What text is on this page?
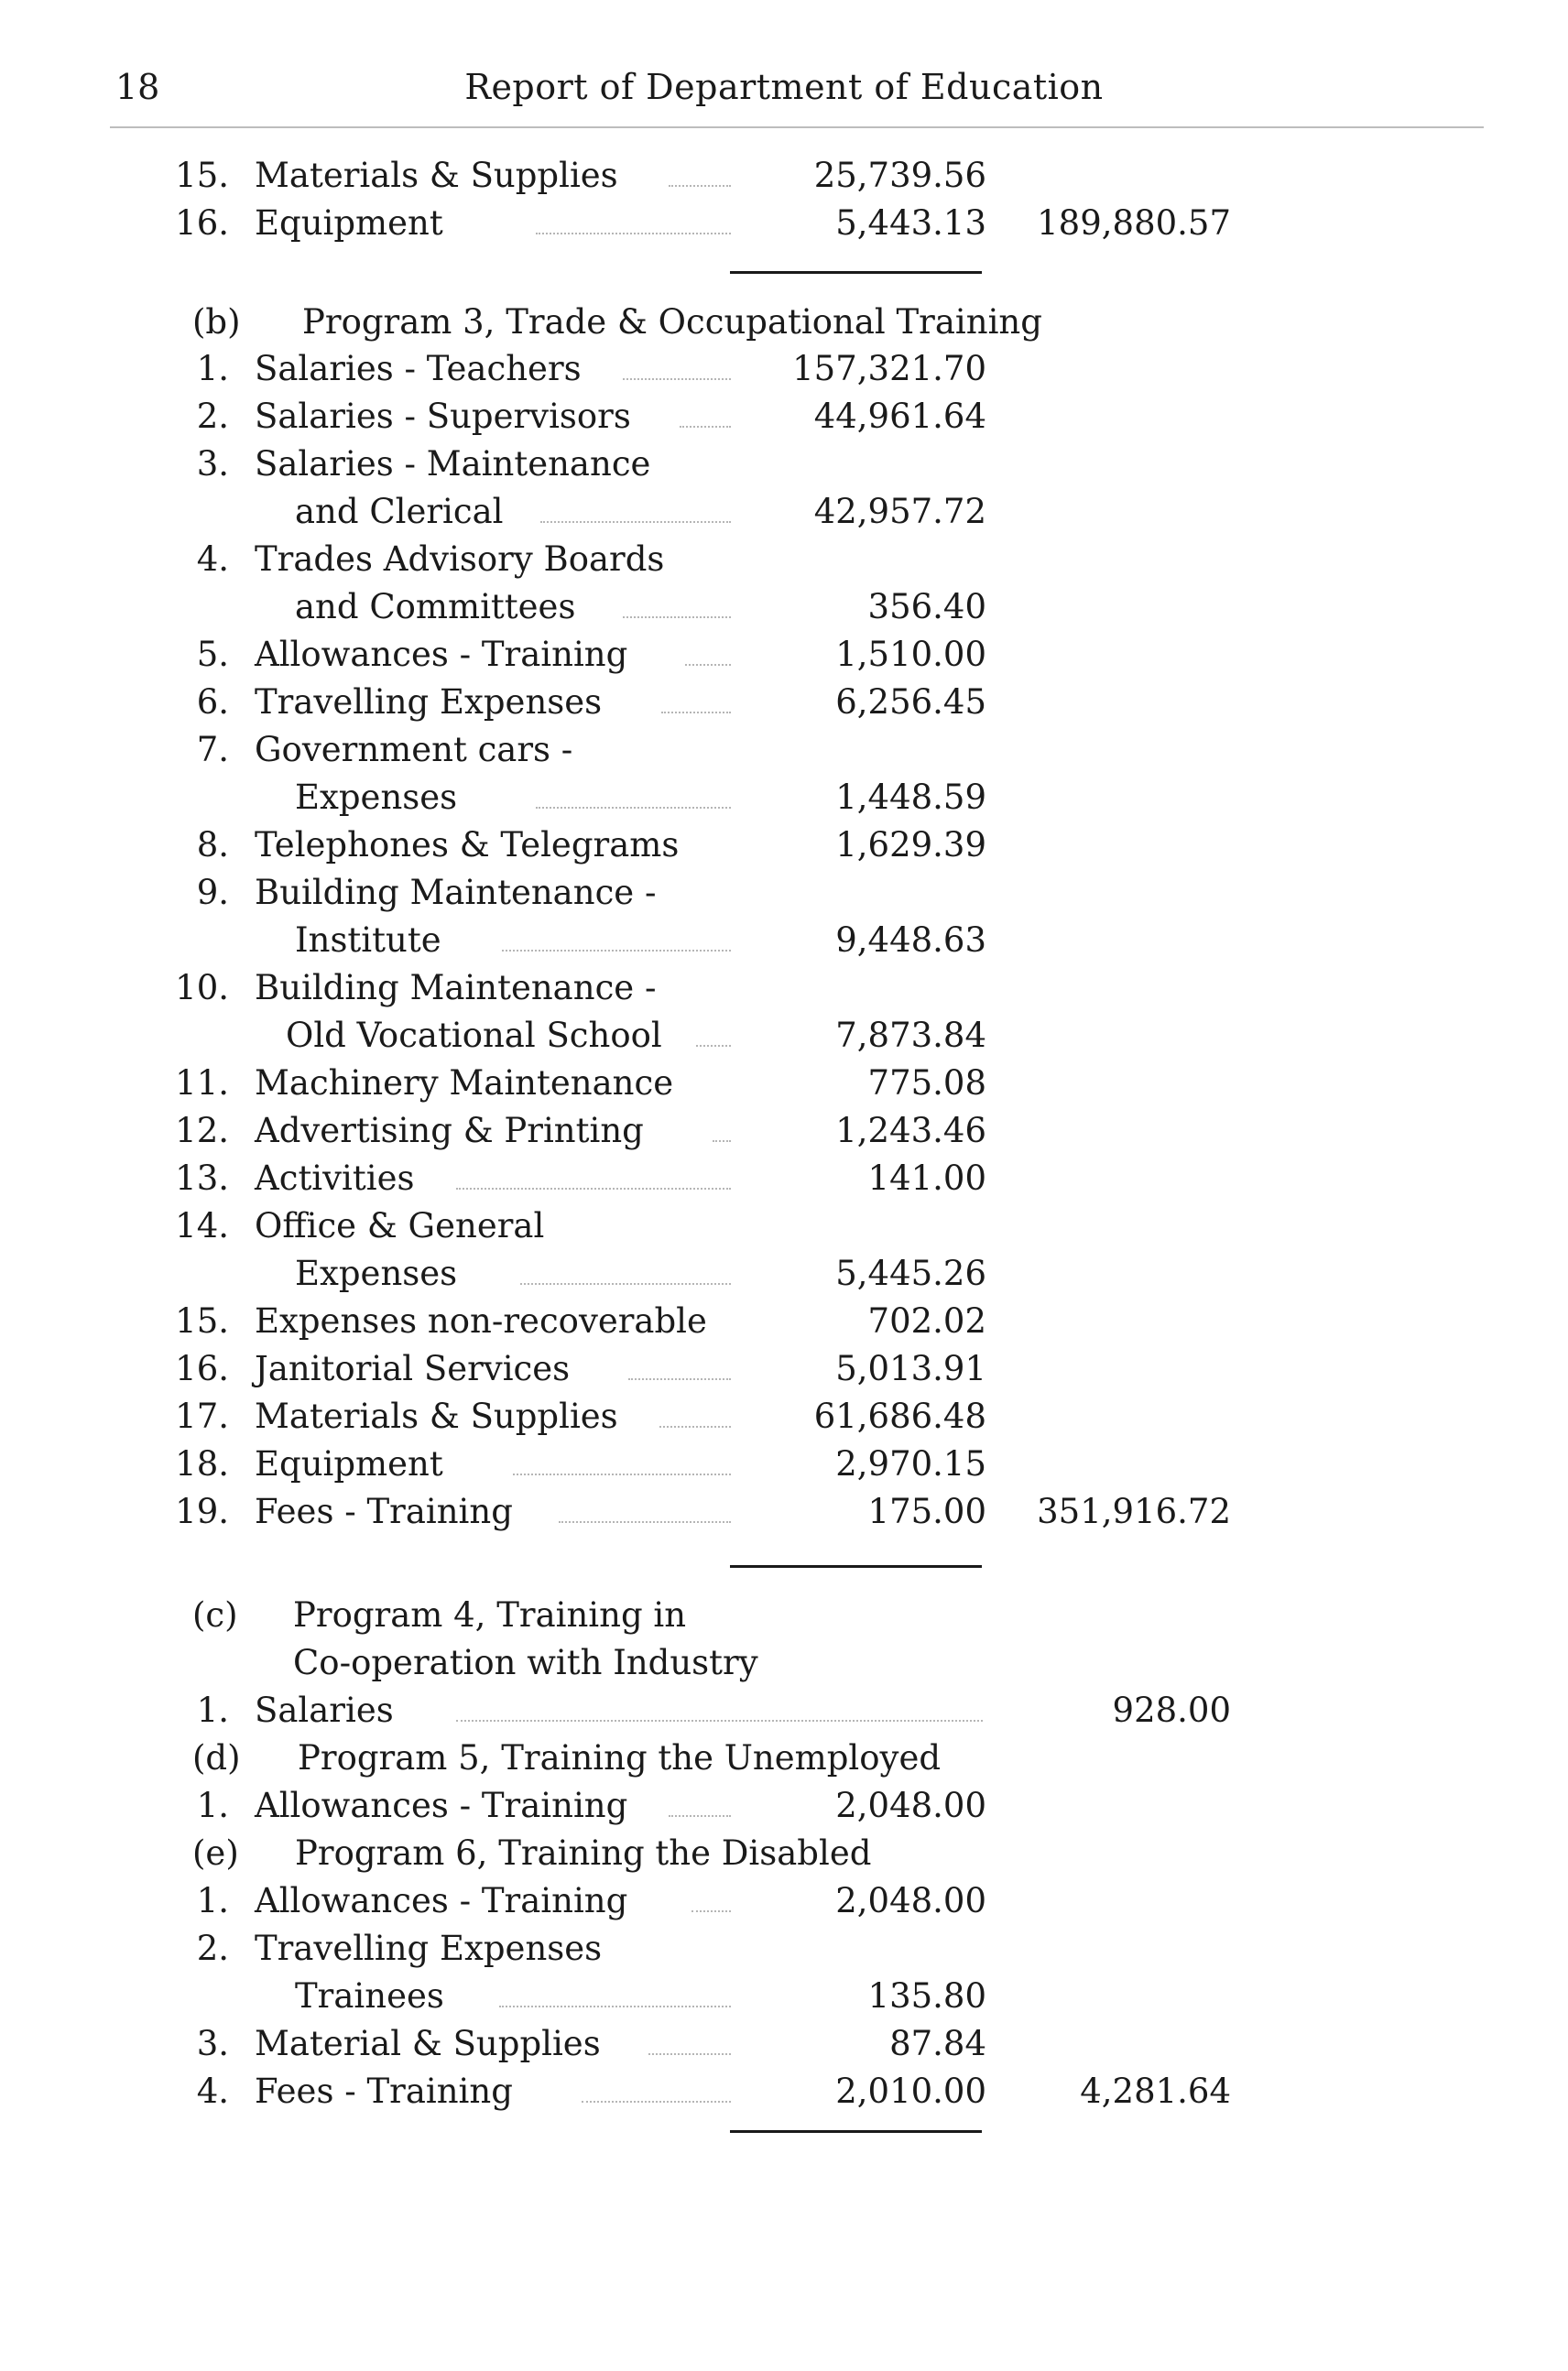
18	Report of Department of Education
15. Materials & Supplies	25,739.56
16. Equipment	5,443.13 189,880.57
(b) Program 3, Trade & Occupational Training
1. Salaries - Teachers	157,321.70
2. Salaries - Supervisors	44,961.64
3. Salaries - Maintenance
and Clerical	42,957.72
4. Trades Advisory Boards
and Committees	356.40
5. Allowances - Training	1,510.00
6. Travelling Expenses	6,256.45
7. Government cars -
Expenses	1,448.59
8. Telephones & Telegrams	1,629.39
9. Building Maintenance -
Institute	9,448.63
10. Building Maintenance -
Old Vocational School	7,873.84
11. Machinery Maintenance	775.08
12. Advertising & Printing	1,243.46
13. Activities	141.00
14. Office & General
Expenses	5,445.26
15. Expenses non-recoverable	702.02
16. Janitorial Services	5,013.91
17. Materials & Supplies	61,686.48
18. Equipment	2,970.15
19. Fees - Training	175.00 351,916.72
(c) Program 4, Training in
Co-operation with Industry
1. Salaries	928.00
(d) Program 5, Training the Unemployed
1. Allowances - Training	2,048.00
(e) Program 6, Training the Disabled
1. Allowances - Training	2,048.00
2. Travelling Expenses
Trainees	135.80
3. Material & Supplies	87.84
4. Fees - Training	2,010.00	4,281.64
